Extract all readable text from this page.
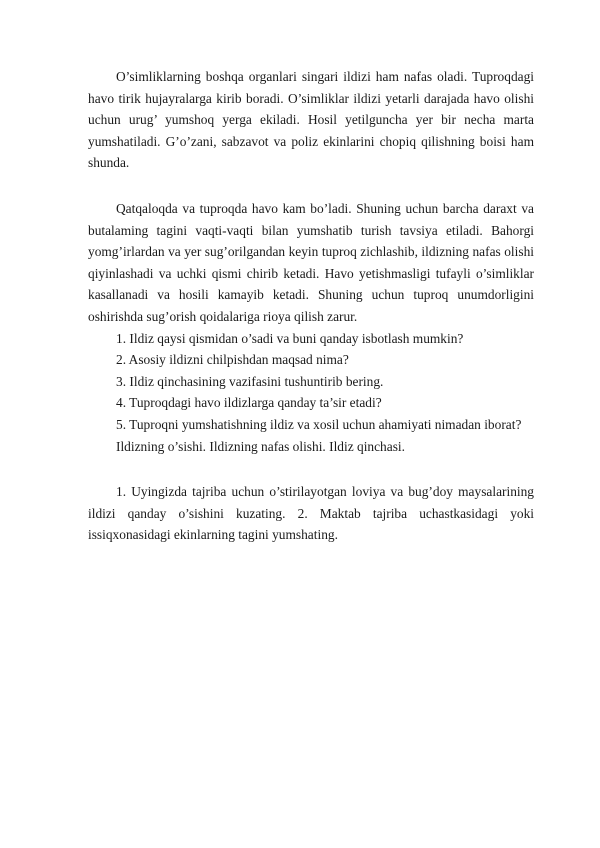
O’simliklarning boshqa organlari singari ildizi ham nafas oladi. Tuproqdagi havo tirik hujayralarga kirib boradi. O’simliklar ildizi yetarli darajada havo olishi uchun urug’ yumshoq yerga ekiladi. Hosil yetilguncha yer bir necha marta yumshatiladi. G’o’zani, sabzavot va poliz ekinlarini chopiq qilishning boisi ham shunda.

Qatqaloqda va tuproqda havo kam bo’ladi. Shuning uchun barcha daraxt va butalaming tagini vaqti-vaqti bilan yumshatib turish tavsiya etiladi. Bahorgi yomg’irlardan va yer sug’orilgandan keyin tuproq zichlashib, ildizning nafas olishi qiyinlashadi va uchki qismi chirib ketadi. Havo yetishmasligi tufayli o’simliklar kasallanadi va hosili kamayib ketadi. Shuning uchun tuproq unumdorligini oshirishda sug’orish qoidalariga rioya qilish zarur.

1. Ildiz qaysi qismidan o’sadi va buni qanday isbotlash mumkin?

2. Asosiy ildizni chilpishdan maqsad nima?

3. Ildiz qinchasining vazifasini tushuntirib bering.

4. Tuproqdagi havo ildizlarga qanday ta’sir etadi?

5. Tuproqni yumshatishning ildiz va xosil uchun ahamiyati nimadan iborat?

Ildizning o’sishi. Ildizning nafas olishi. Ildiz qinchasi.

1. Uyingizda tajriba uchun o’stirilayotgan loviya va bug’doy maysalarining ildizi qanday o’sishini kuzating. 2. Maktab tajriba uchastkasidagi yoki issiqxonasidagi ekinlarning tagini yumshating.
